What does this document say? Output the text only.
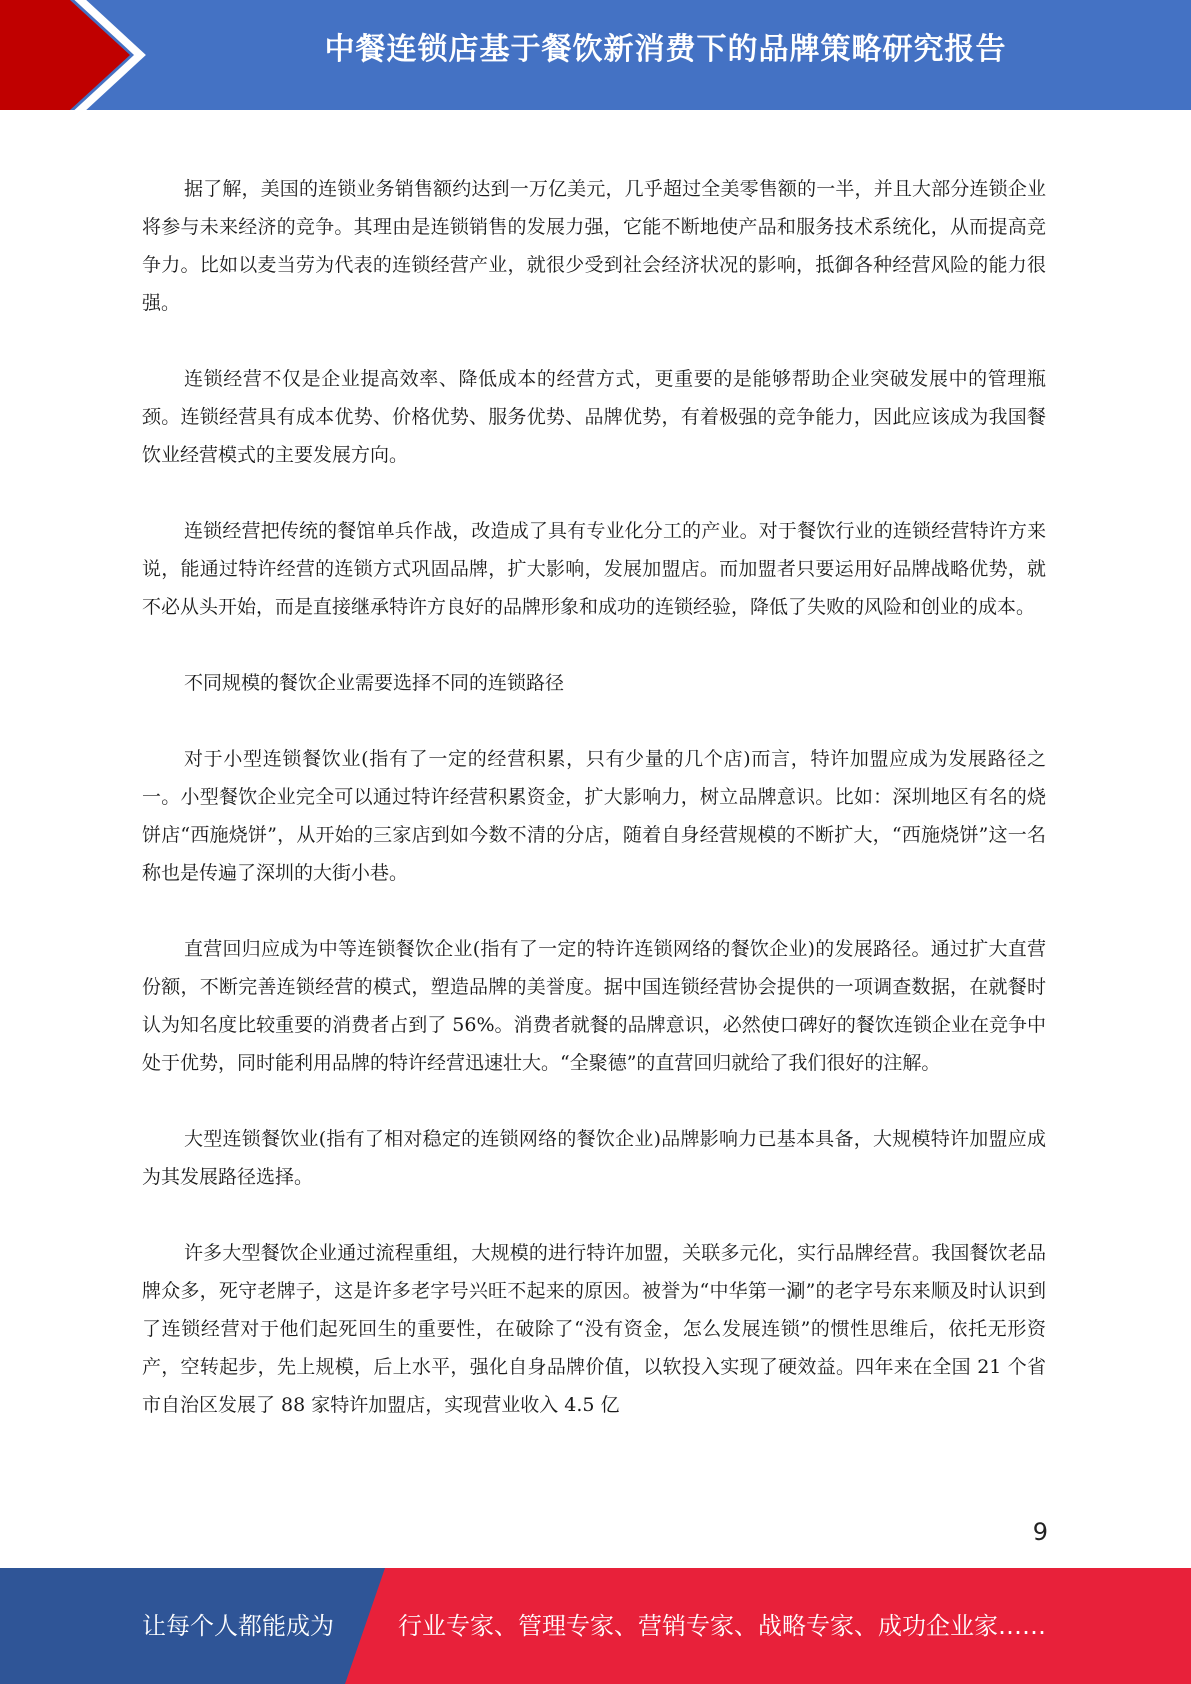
中餐连锁店基于餐饮新消费下的品牌策略研究报告

据了解，美国的连锁业务销售额约达到一万亿美元，几乎超过全美零售额的一半，并且大部分连锁企业将参与未来经济的竞争。其理由是连锁销售的发展力强，它能不断地使产品和服务技术系统化，从而提高竞争力。比如以麦当劳为代表的连锁经营产业，就很少受到社会经济状况的影响，抵御各种经营风险的能力很强。

连锁经营不仅是企业提高效率、降低成本的经营方式，更重要的是能够帮助企业突破发展中的管理瓶颈。连锁经营具有成本优势、价格优势、服务优势、品牌优势，有着极强的竞争能力，因此应该成为我国餐饮业经营模式的主要发展方向。

连锁经营把传统的餐馆单兵作战，改造成了具有专业化分工的产业。对于餐饮行业的连锁经营特许方来说，能通过特许经营的连锁方式巩固品牌，扩大影响，发展加盟店。而加盟者只要运用好品牌战略优势，就不必从头开始，而是直接继承特许方良好的品牌形象和成功的连锁经验，降低了失败的风险和创业的成本。

不同规模的餐饮企业需要选择不同的连锁路径

对于小型连锁餐饮业(指有了一定的经营积累，只有少量的几个店)而言，特许加盟应成为发展路径之一。小型餐饮企业完全可以通过特许经营积累资金，扩大影响力，树立品牌意识。比如：深圳地区有名的烧饼店“西施烧饼”，从开始的三家店到如今数不清的分店，随着自身经营规模的不断扩大，“西施烧饼”这一名称也是传遍了深圳的大街小巷。

直营回归应成为中等连锁餐饮企业(指有了一定的特许连锁网络的餐饮企业)的发展路径。通过扩大直营份额，不断完善连锁经营的模式，塑造品牌的美誉度。据中国连锁经营协会提供的一项调查数据，在就餐时认为知名度比较重要的消费者占到了 56%。消费者就餐的品牌意识，必然使口碑好的餐饮连锁企业在竞争中处于优势，同时能利用品牌的特许经营迅速壮大。“全聚德”的直营回归就给了我们很好的注解。

大型连锁餐饮业(指有了相对稳定的连锁网络的餐饮企业)品牌影响力已基本具备，大规模特许加盟应成为其发展路径选择。

许多大型餐饮企业通过流程重组，大规模的进行特许加盟，关联多元化，实行品牌经营。我国餐饮老品牌众多，死守老牌子，这是许多老字号兴旺不起来的原因。被誉为“中华第一涮”的老字号东来顺及时认识到了连锁经营对于他们起死回生的重要性，在破除了“没有资金，怎么发展连锁”的惯性思维后，依托无形资产，空转起步，先上规模，后上水平，强化自身品牌价值，以软投入实现了硬效益。四年来在全国 21 个省市自治区发展了 88 家特许加盟店，实现营业收入 4.5 亿

9
让每个人都能成为	行业专家、管理专家、营销专家、战略专家、成功企业家……
